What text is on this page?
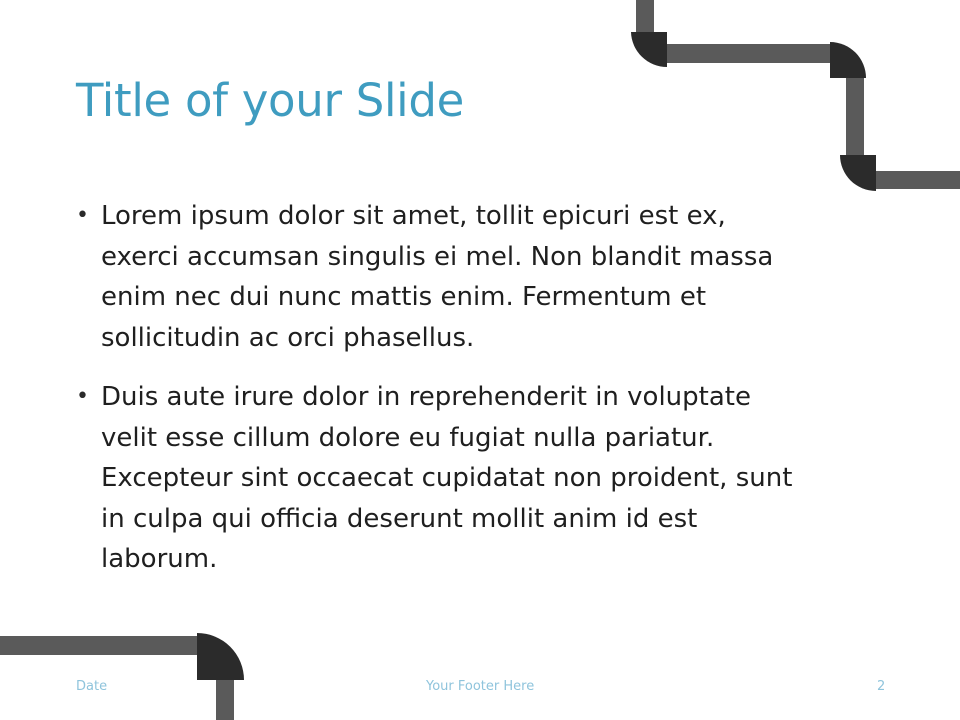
Title of your Slide
• Lorem ipsum dolor sit amet, tollit epicuri est ex, exerci accumsan singulis ei mel. Non blandit massa enim nec dui nunc mattis enim. Fermentum et sollicitudin ac orci phasellus.
• Duis aute irure dolor in reprehenderit in voluptate velit esse cillum dolore eu fugiat nulla pariatur. Excepteur sint occaecat cupidatat non proident, sunt in culpa qui officia deserunt mollit anim id est laborum.
Date	Your Footer Here	2
